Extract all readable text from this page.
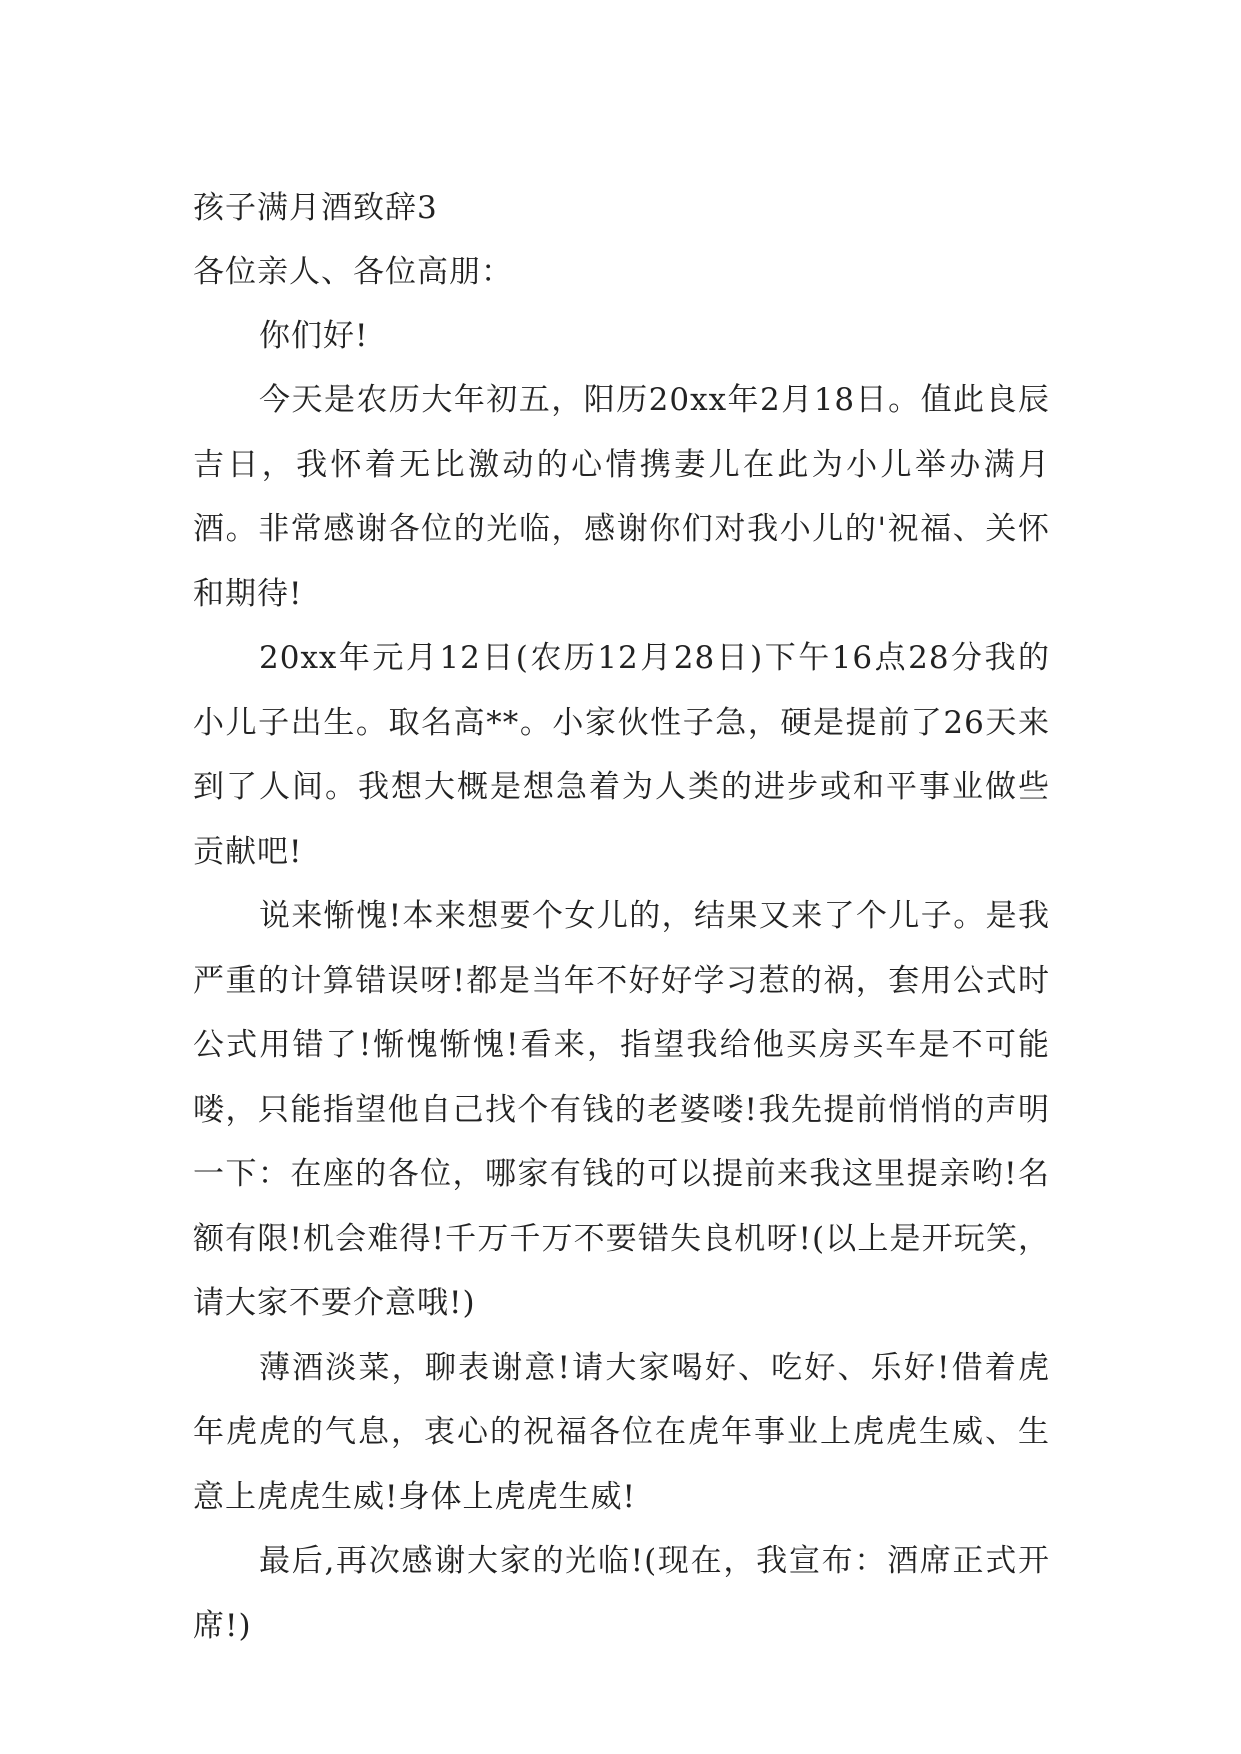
孩子满月酒致辞3

各位亲人、各位高朋：

你们好!

今天是农历大年初五，阳历20xx年2月18日。值此良辰吉日，我怀着无比激动的心情携妻儿在此为小儿举办满月酒。非常感谢各位的光临，感谢你们对我小儿的'祝福、关怀和期待!

20xx年元月12日(农历12月28日)下午16点28分我的小儿子出生。取名高**。小家伙性子急，硬是提前了26天来到了人间。我想大概是想急着为人类的进步或和平事业做些贡献吧!

说来惭愧!本来想要个女儿的，结果又来了个儿子。是我严重的计算错误呀!都是当年不好好学习惹的祸，套用公式时公式用错了!惭愧惭愧!看来，指望我给他买房买车是不可能喽，只能指望他自己找个有钱的老婆喽!我先提前悄悄的声明一下：在座的各位，哪家有钱的可以提前来我这里提亲哟!名额有限!机会难得!千万千万不要错失良机呀!(以上是开玩笑，请大家不要介意哦!)

薄酒淡菜，聊表谢意!请大家喝好、吃好、乐好!借着虎年虎虎的气息，衷心的祝福各位在虎年事业上虎虎生威、生意上虎虎生威!身体上虎虎生威!

最后,再次感谢大家的光临!(现在，我宣布：酒席正式开席!)
